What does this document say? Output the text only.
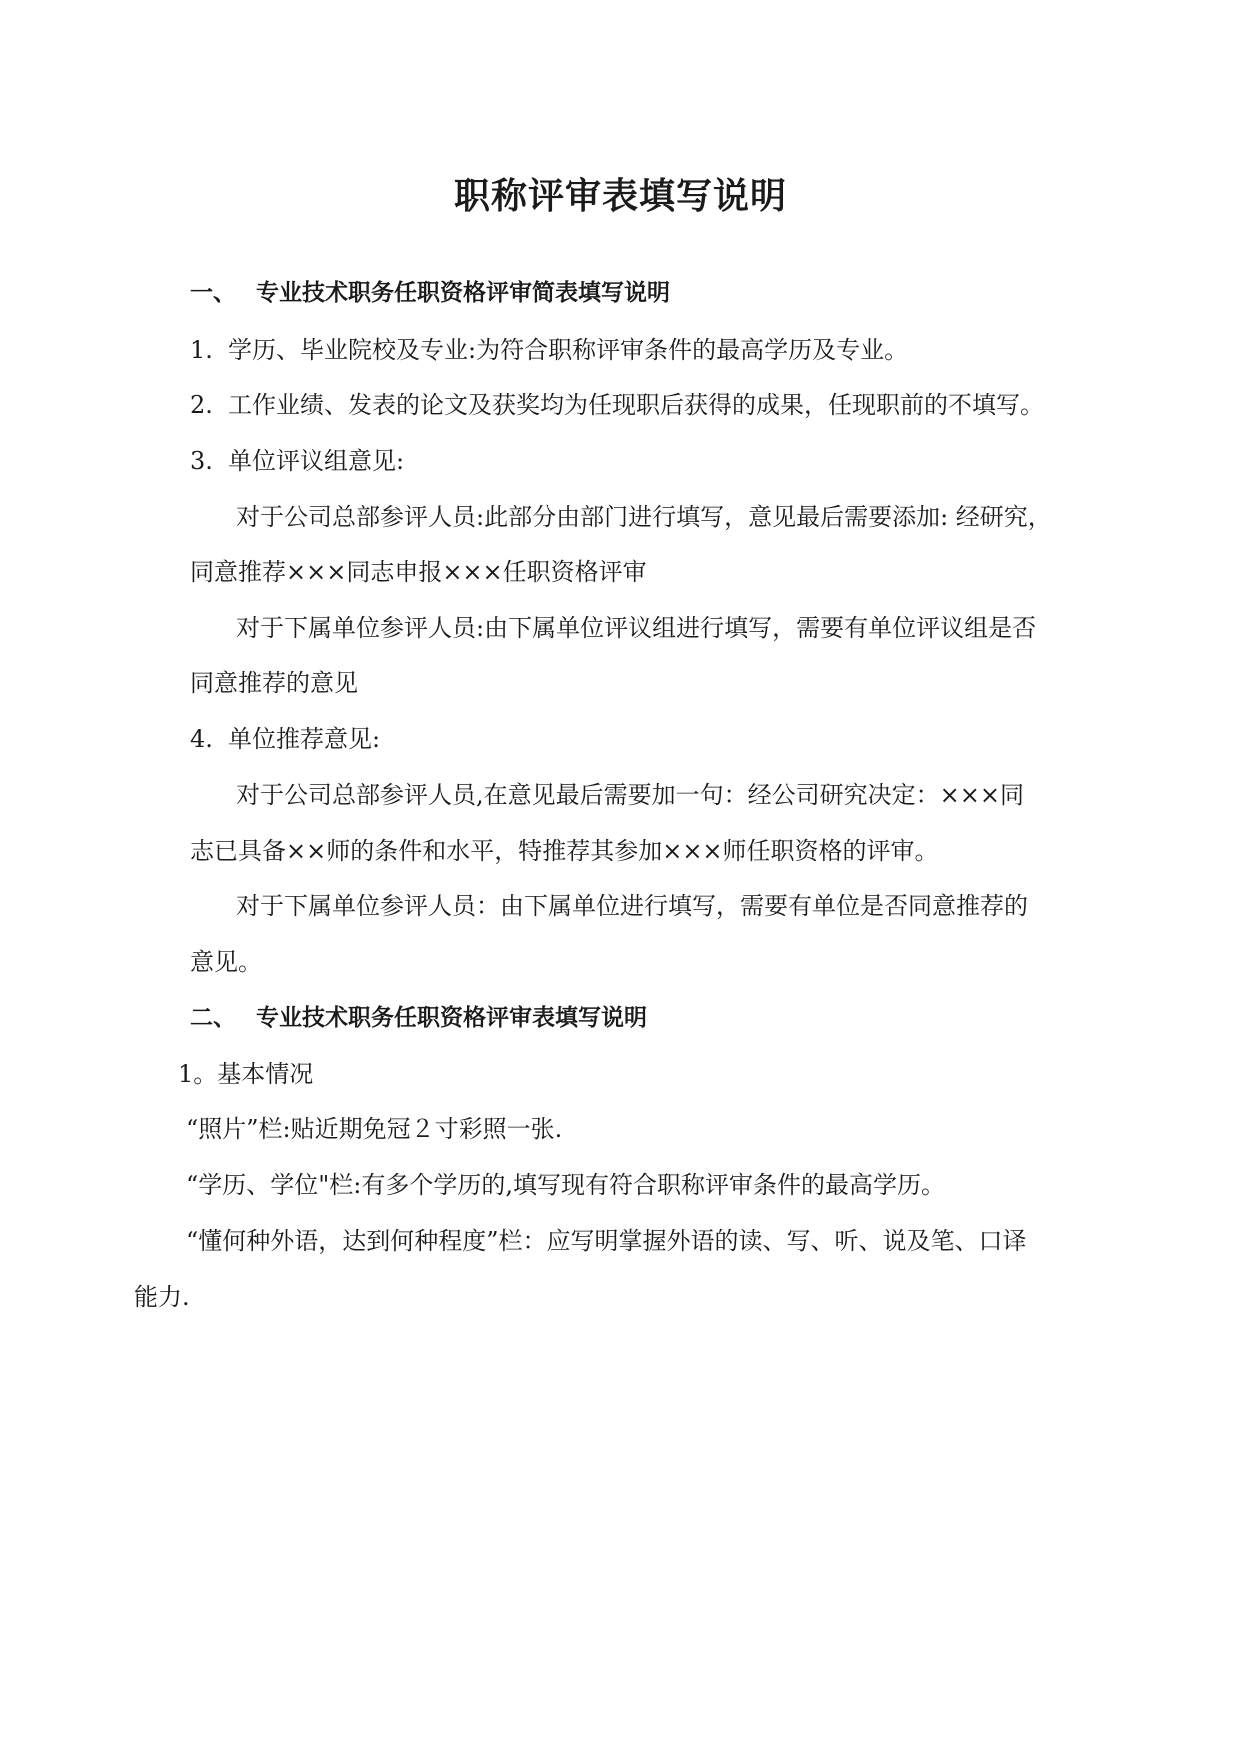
职称评审表填写说明
一、 专业技术职务任职资格评审简表填写说明
1. 学历、毕业院校及专业:为符合职称评审条件的最高学历及专业。
2. 工作业绩、发表的论文及获奖均为任现职后获得的成果，任现职前的不填写。
3. 单位评议组意见:
对于公司总部参评人员:此部分由部门进行填写，意见最后需要添加: 经研究，
同意推荐×××同志申报×××任职资格评审
对于下属单位参评人员:由下属单位评议组进行填写，需要有单位评议组是否
同意推荐的意见
4. 单位推荐意见:
对于公司总部参评人员,在意见最后需要加一句：经公司研究决定：×××同
志已具备××师的条件和水平，特推荐其参加×××师任职资格的评审。
对于下属单位参评人员：由下属单位进行填写，需要有单位是否同意推荐的
意见。
二、 专业技术职务任职资格评审表填写说明
1。基本情况
“照片”栏:贴近期免冠２寸彩照一张.
“学历、学位"栏:有多个学历的,填写现有符合职称评审条件的最高学历。
“懂何种外语，达到何种程度”栏：应写明掌握外语的读、写、听、说及笔、口译
能力.
